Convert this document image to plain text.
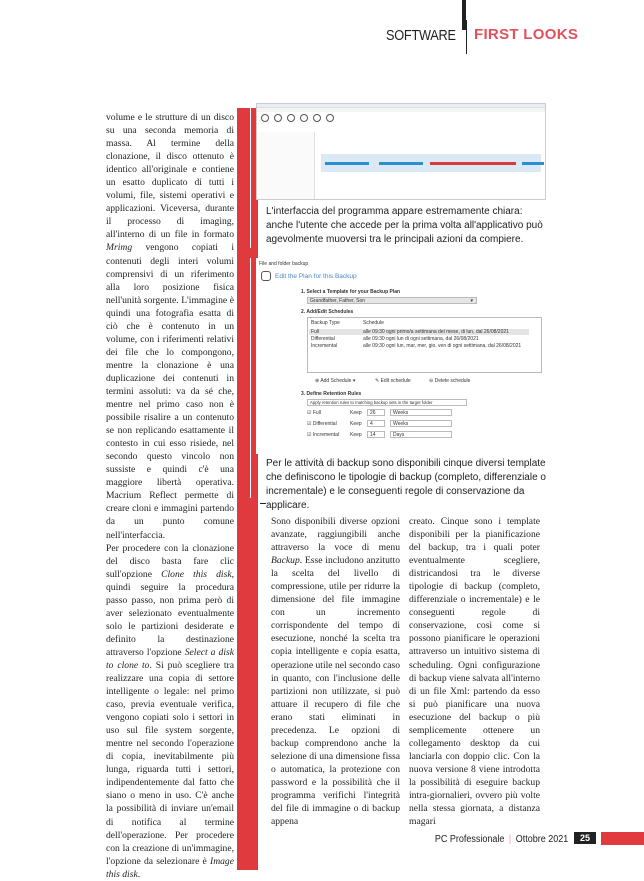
SOFTWARE FIRST LOOKS
L'interfaccia del programma appare estremamente chiara: anche l'utente che accede per la prima volta all'applicativo può agevolmente muoversi tra le principali azioni da compiere.
File and folder backup
Edit the Plan for this Backup
1. Select a Template for your Backup Plan
Grandfather, Father, Son	▾
2. Add/Edit Schedules
Backup Type	Schedule
Full	alle 09:30 ogni primo/a settimana del mese, di lun, dal 26/08/2021
Differential	alle 09:30 ogni lun di ogni settimana, dal 26/08/2021
Incremental	alle 09:30 ogni lun, mar, mer, gio, ven di ogni settimana, dal 26/08/2021
⊕ Add Schedule ▾	✎ Edit schedule	⊖ Delete schedule
3. Define Retention Rules
Apply retention rules to matching backup sets in the target folder
☑ Full	Keep	26	Weeks
☑ Differential	Keep	4	Weeks
☑ Incremental Keep	14	Days
Per le attività di backup sono disponibili cinque diversi template che definiscono le tipologie di backup (completo, differenziale o incrementale) e le conseguenti regole di conservazione da applicare.
volume e le strutture di un disco su una seconda memoria di massa. Al termine della clonazione, il disco ottenuto è identico all'originale e contiene un esatto duplicato di tutti i volumi, file, sistemi operativi e applicazioni. Viceversa, durante il processo di imaging, all'interno di un file in formato Mrimg vengono copiati i contenuti degli interi volumi comprensivi di un riferimento alla loro posizione fisica nell'unità sorgente. L'immagine è quindi una fotografia esatta di ciò che è contenuto in un volume, con i riferimenti relativi dei file che lo compongono, mentre la clonazione è una duplicazione dei contenuti in termini assoluti: va da sé che, mentre nel primo caso non è possibile risalire a un contenuto se non replicando esattamente il contesto in cui esso risiede, nel secondo questo vincolo non sussiste e quindi c'è una maggiore libertà operativa. Macrium Reflect permette di creare cloni e immagini partendo da un punto comune nell'interfaccia.

Per procedere con la clonazione del disco basta fare clic sull'opzione Clone this disk, quindi seguire la procedura passo passo, non prima però di aver selezionato eventualmente solo le partizioni desiderate e definito la destinazione attraverso l'opzione Select a disk to clone to. Si può scegliere tra realizzare una copia di settore intelligente o legale: nel primo caso, previa eventuale verifica, vengono copiati solo i settori in uso sul file system sorgente, mentre nel secondo l'operazione di copia, inevitabilmente più lunga, riguarda tutti i settori, indipendentemente dal fatto che siano o meno in uso. C'è anche la possibilità di inviare un'email di notifica al termine dell'operazione. Per procedere con la creazione di un'immagine, l'opzione da selezionare è Image this disk.

Sono disponibili diverse opzioni avanzate, raggiungibili anche attraverso la voce di menu Backup. Esse includono anzitutto la scelta del livello di compressione, utile per ridurre la dimensione del file immagine con un incremento corrispondente del tempo di esecuzione, nonché la scelta tra copia intelligente e copia esatta, operazione utile nel secondo caso in quanto, con l'inclusione delle partizioni non utilizzate, si può attuare il recupero di file che erano stati eliminati in precedenza. Le opzioni di backup comprendono anche la selezione di una dimensione fissa o automatica, la protezione con password e la possibilità che il programma verifichi l'integrità del file di immagine o di backup appena
creato. Cinque sono i template disponibili per la pianificazione del backup, tra i quali poter eventualmente scegliere, districandosi tra le diverse tipologie di backup (completo, differenziale o incrementale) e le conseguenti regole di conservazione, così come si possono pianificare le operazioni attraverso un intuitivo sistema di scheduling. Ogni configurazione di backup viene salvata all'interno di un file Xml: partendo da esso si può pianificare una nuova esecuzione del backup o più semplicemente ottenere un collegamento desktop da cui lanciarla con doppio clic. Con la nuova versione 8 viene introdotta la possibilità di eseguire backup intra-giornalieri, ovvero più volte nella stessa giornata, a distanza magari
PC Professionale | Ottobre 2021	25
